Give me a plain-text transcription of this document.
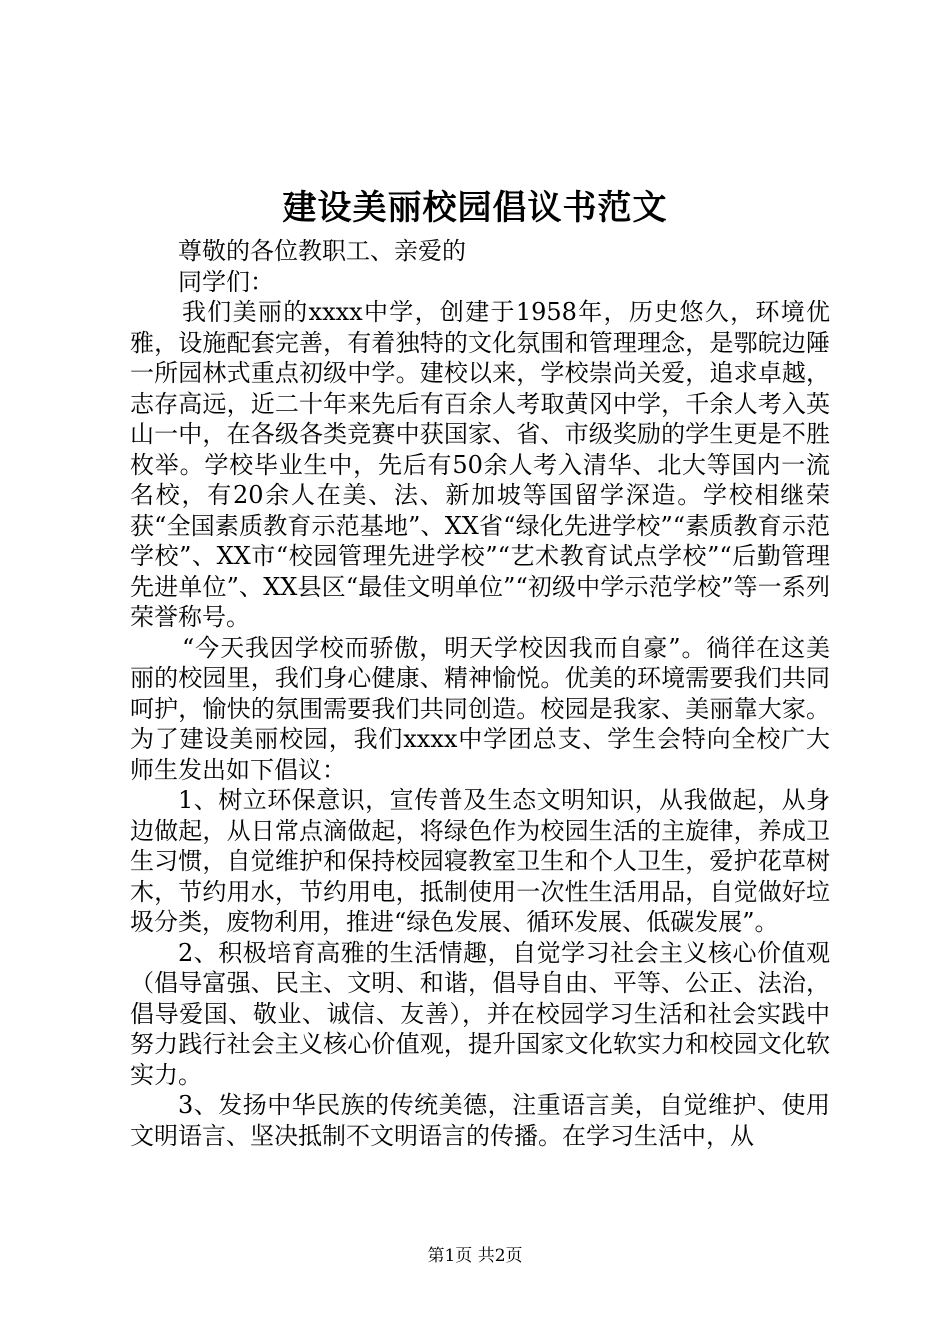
建设美丽校园倡议书范文

尊敬的各位教职工、亲爱的

同学们：

我们美丽的xxxx中学，创建于1958年，历史悠久，环境优雅，设施配套完善，有着独特的文化氛围和管理理念，是鄂皖边陲一所园林式重点初级中学。建校以来，学校崇尚关爱，追求卓越，志存高远，近二十年来先后有百余人考取黄冈中学，千余人考入英山一中，在各级各类竞赛中获国家、省、市级奖励的学生更是不胜枚举。学校毕业生中，先后有50余人考入清华、北大等国内一流名校，有20余人在美、法、新加坡等国留学深造。学校相继荣获“全国素质教育示范基地”、XX省“绿化先进学校”“素质教育示范学校”、XX市“校园管理先进学校”“艺术教育试点学校”“后勤管理先进单位”、XX县区“最佳文明单位”“初级中学示范学校”等一系列荣誉称号。

“今天我因学校而骄傲，明天学校因我而自豪”。徜徉在这美丽的校园里，我们身心健康、精神愉悦。优美的环境需要我们共同呵护，愉快的氛围需要我们共同创造。校园是我家、美丽靠大家。为了建设美丽校园，我们xxxx中学团总支、学生会特向全校广大师生发出如下倡议：

1、树立环保意识，宣传普及生态文明知识，从我做起，从身边做起，从日常点滴做起，将绿色作为校园生活的主旋律，养成卫生习惯，自觉维护和保持校园寝教室卫生和个人卫生，爱护花草树木，节约用水，节约用电，抵制使用一次性生活用品，自觉做好垃圾分类，废物利用，推进“绿色发展、循环发展、低碳发展”。

2、积极培育高雅的生活情趣，自觉学习社会主义核心价值观（倡导富强、民主、文明、和谐，倡导自由、平等、公正、法治，倡导爱国、敬业、诚信、友善），并在校园学习生活和社会实践中努力践行社会主义核心价值观，提升国家文化软实力和校园文化软实力。

3、发扬中华民族的传统美德，注重语言美，自觉维护、使用文明语言、坚决抵制不文明语言的传播。在学习生活中，从

第1页 共2页
